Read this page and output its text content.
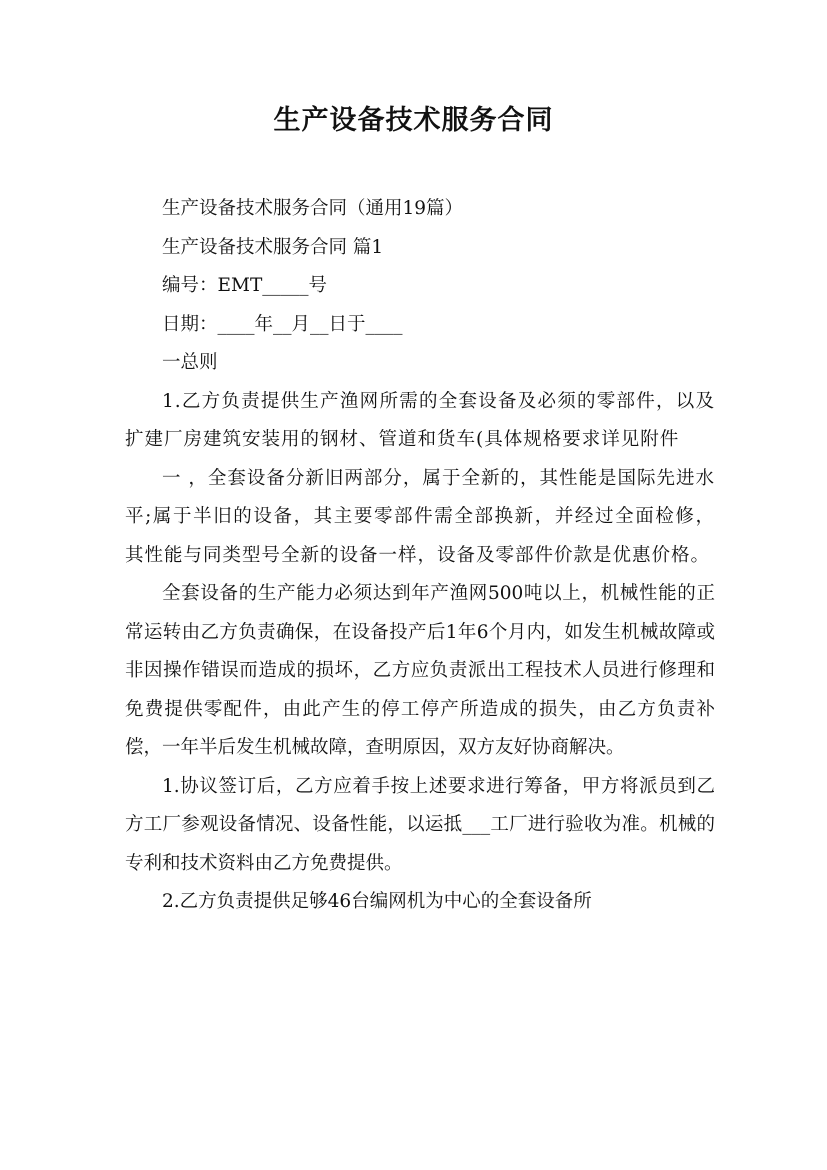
生产设备技术服务合同

生产设备技术服务合同（通用19篇）

生产设备技术服务合同 篇1

编号：EMT_____号

日期：____年__月__日于____

一总则

1.乙方负责提供生产渔网所需的全套设备及必须的零部件，以及扩建厂房建筑安装用的钢材、管道和货车(具体规格要求详见附件

一 ，全套设备分新旧两部分，属于全新的，其性能是国际先进水平;属于半旧的设备，其主要零部件需全部换新，并经过全面检修，其性能与同类型号全新的设备一样，设备及零部件价款是优惠价格。

全套设备的生产能力必须达到年产渔网500吨以上，机械性能的正常运转由乙方负责确保，在设备投产后1年6个月内，如发生机械故障或非因操作错误而造成的损坏，乙方应负责派出工程技术人员进行修理和免费提供零配件，由此产生的停工停产所造成的损失，由乙方负责补偿，一年半后发生机械故障，查明原因，双方友好协商解决。

1.协议签订后，乙方应着手按上述要求进行筹备，甲方将派员到乙方工厂参观设备情况、设备性能，以运抵___工厂进行验收为准。机械的专利和技术资料由乙方免费提供。

2.乙方负责提供足够46台编网机为中心的全套设备所
